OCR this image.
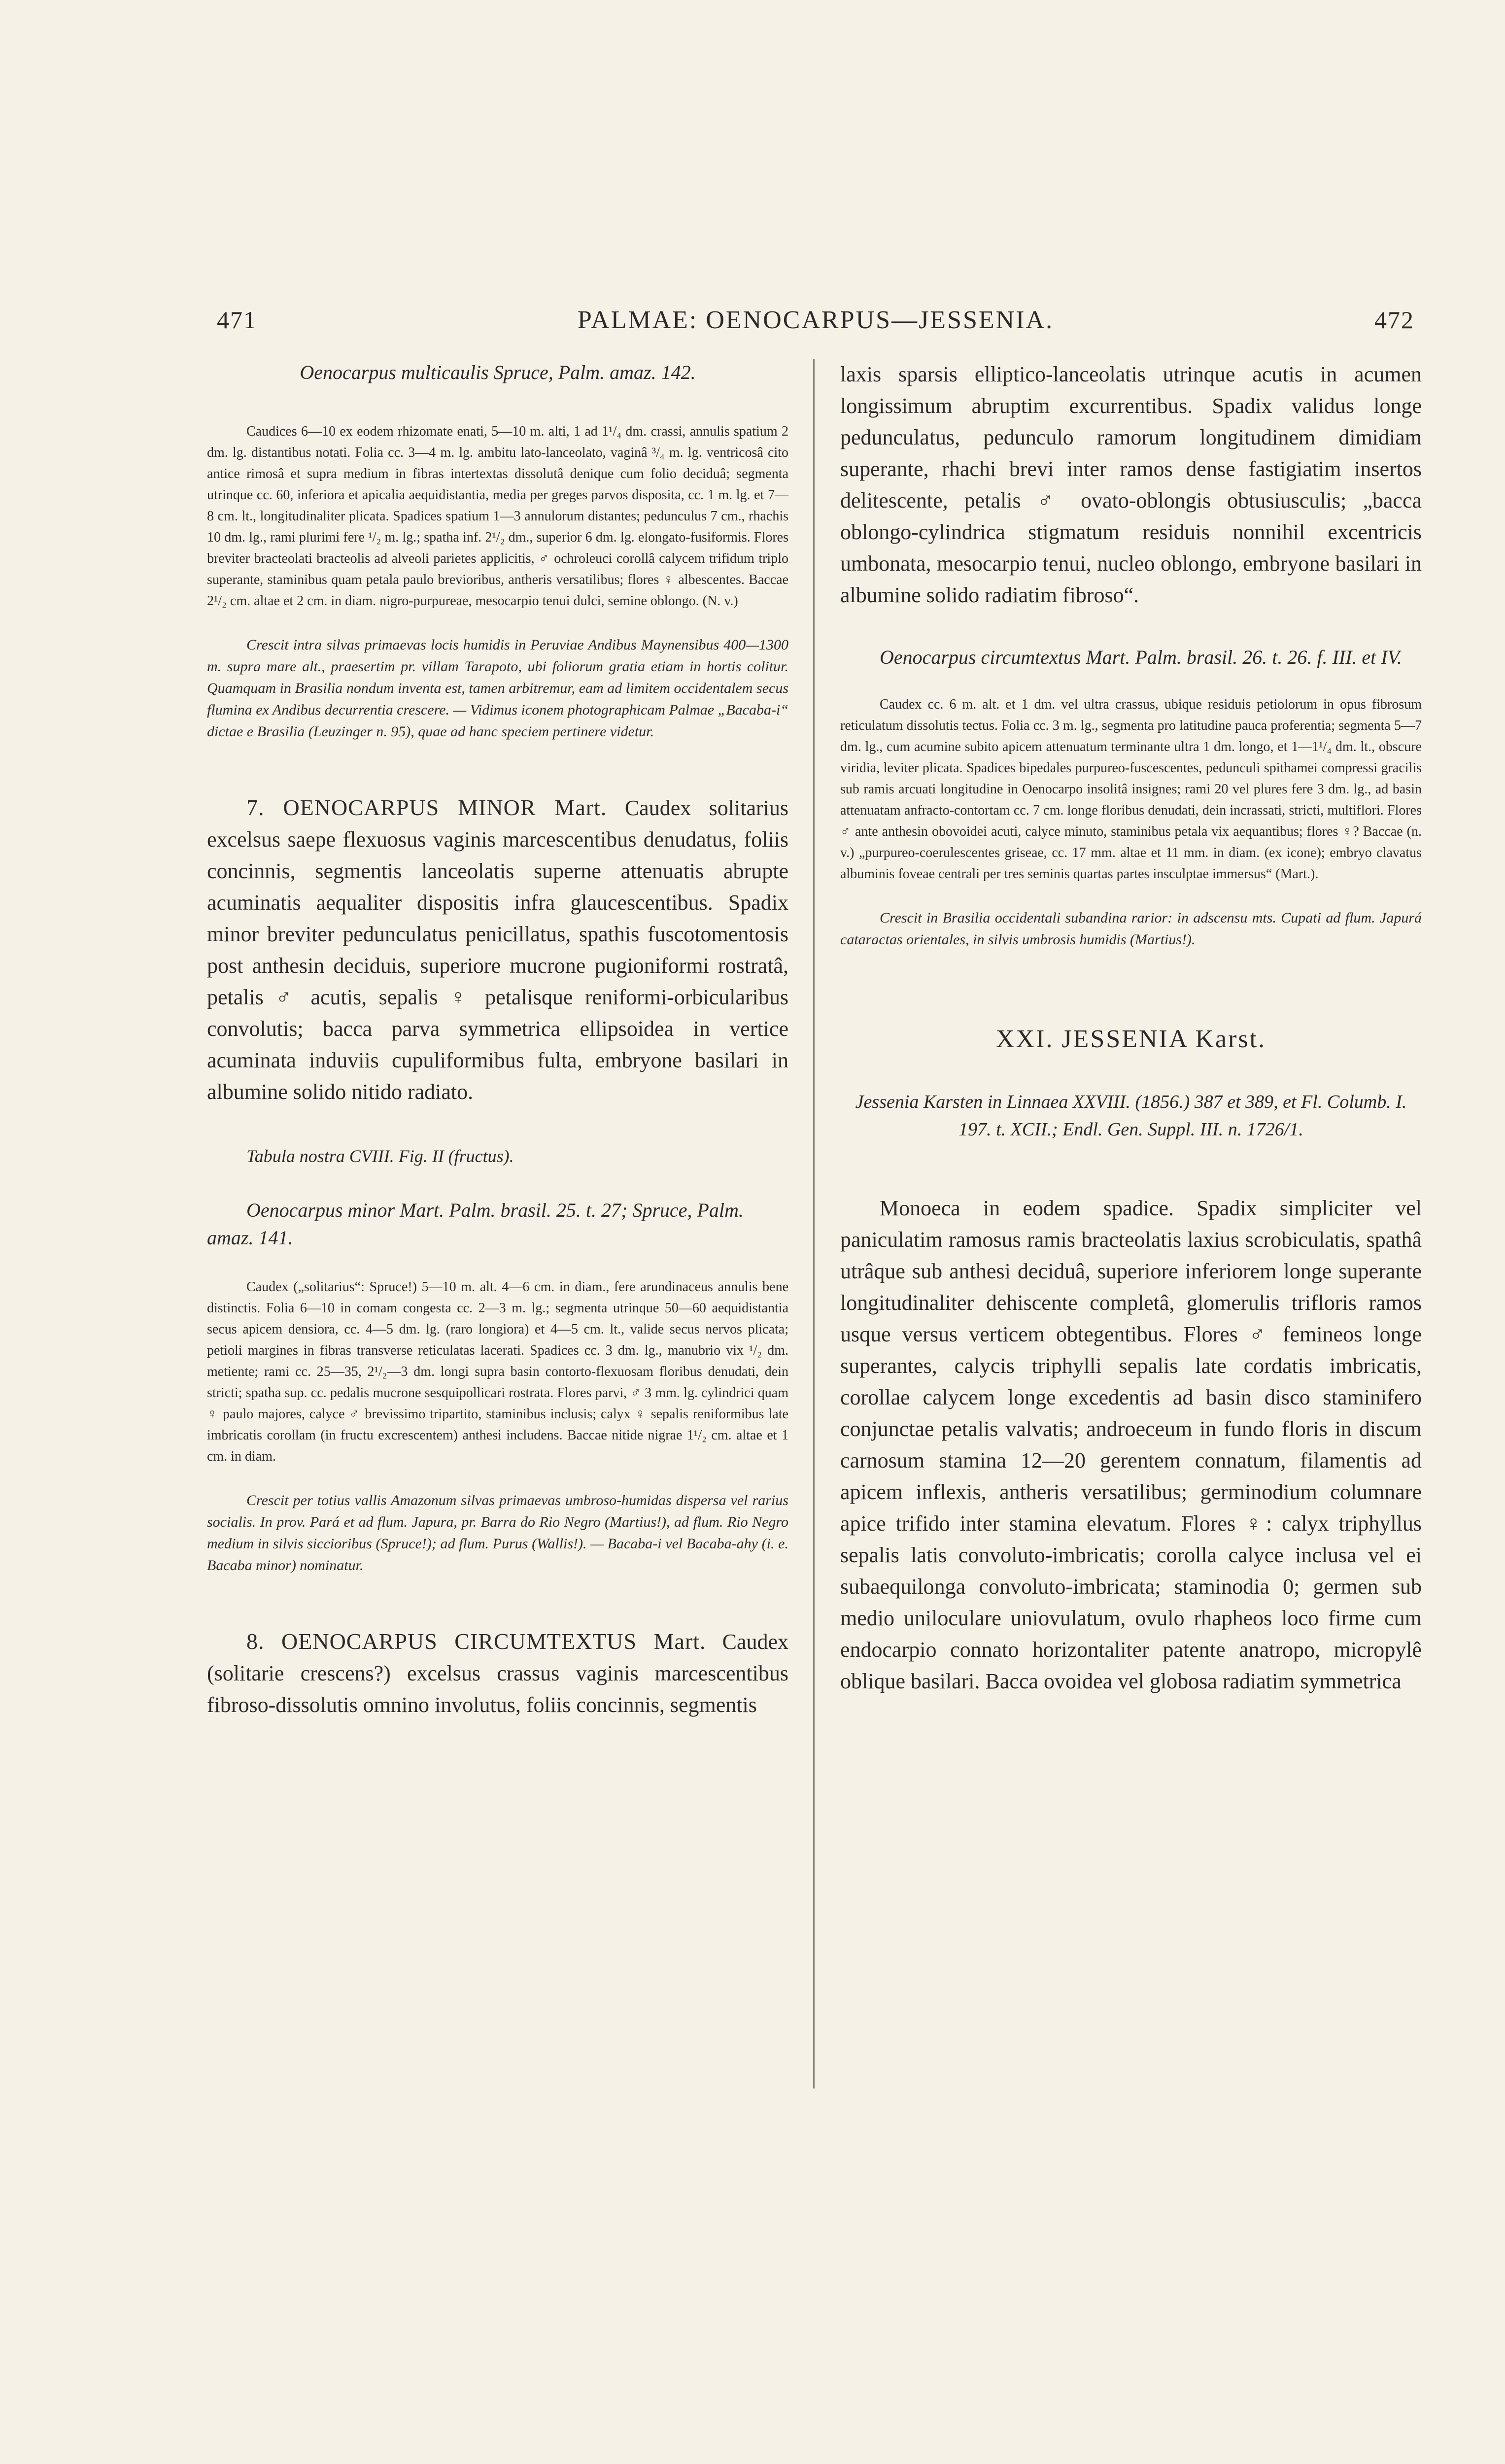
471	PALMAE: OENOCARPUS—JESSENIA.	472

Oenocarpus multicaulis Spruce, Palm. amaz. 142.

Caudices 6—10 ex eodem rhizomate enati, 5—10 m. alti, 1 ad 1¹/₄ dm. crassi, annulis spatium 2 dm. lg. distantibus notati. Folia cc. 3—4 m. lg. ambitu lato-lanceolato, vaginâ ³/₄ m. lg. ventricosâ cito antice rimosâ et supra medium in fibras intertextas dissolutâ denique cum folio deciduâ; segmenta utrinque cc. 60, inferiora et apicalia aequidistantia, media per greges parvos disposita, cc. 1 m. lg. et 7—8 cm. lt., longitudinaliter plicata. Spadices spatium 1—3 annulorum distantes; pedunculus 7 cm., rhachis 10 dm. lg., rami plurimi fere ¹/₂ m. lg.; spatha inf. 2¹/₂ dm., superior 6 dm. lg. elongato-fusiformis. Flores breviter bracteolati bracteolis ad alveoli parietes applicitis, ♂ ochroleuci corollâ calycem trifidum triplo superante, staminibus quam petala paulo brevioribus, antheris versatilibus; flores ♀ albescentes. Baccae 2¹/₂ cm. altae et 2 cm. in diam. nigro-purpureae, mesocarpio tenui dulci, semine oblongo. (N. v.)

Crescit intra silvas primaevas locis humidis in Peruviae Andibus Maynensibus 400—1300 m. supra mare alt., praesertim pr. villam Tarapoto, ubi foliorum gratia etiam in hortis colitur. Quamquam in Brasilia nondum inventa est, tamen arbitremur, eam ad limitem occidentalem secus flumina ex Andibus decurrentia crescere. — Vidimus iconem photographicam Palmae „Bacaba-i“ dictae e Brasilia (Leuzinger n. 95), quae ad hanc speciem pertinere videtur.

7. OENOCARPUS MINOR Mart. Caudex solitarius excelsus saepe flexuosus vaginis marcescentibus denudatus, foliis concinnis, segmentis lanceolatis superne attenuatis abrupte acuminatis aequaliter dispositis infra glaucescentibus. Spadix minor breviter pedunculatus penicillatus, spathis fuscotomentosis post anthesin deciduis, superiore mucrone pugioniformi rostratâ, petalis ♂ acutis, sepalis ♀ petalisque reniformi-orbicularibus convolutis; bacca parva symmetrica ellipsoidea in vertice acuminata induviis cupuliformibus fulta, embryone basilari in albumine solido nitido radiato.

Tabula nostra CVIII. Fig. II (fructus).

Oenocarpus minor Mart. Palm. brasil. 25. t. 27; Spruce, Palm. amaz. 141.

Caudex („solitarius“: Spruce!) 5—10 m. alt. 4—6 cm. in diam., fere arundinaceus annulis bene distinctis. Folia 6—10 in comam congesta cc. 2—3 m. lg.; segmenta utrinque 50—60 aequidistantia secus apicem densiora, cc. 4—5 dm. lg. (raro longiora) et 4—5 cm. lt., valide secus nervos plicata; petioli margines in fibras transverse reticulatas lacerati. Spadices cc. 3 dm. lg., manubrio vix ¹/₂ dm. metiente; rami cc. 25—35, 2¹/₂—3 dm. longi supra basin contorto-flexuosam floribus denudati, dein stricti; spatha sup. cc. pedalis mucrone sesquipollicari rostrata. Flores parvi, ♂ 3 mm. lg. cylindrici quam ♀ paulo majores, calyce ♂ brevissimo tripartito, staminibus inclusis; calyx ♀ sepalis reniformibus late imbricatis corollam (in fructu excrescentem) anthesi includens. Baccae nitide nigrae 1¹/₂ cm. altae et 1 cm. in diam.

Crescit per totius vallis Amazonum silvas primaevas umbroso-humidas dispersa vel rarius socialis. In prov. Pará et ad flum. Japura, pr. Barra do Rio Negro (Martius!), ad flum. Rio Negro medium in silvis siccioribus (Spruce!); ad flum. Purus (Wallis!). — Bacaba-i vel Bacaba-ahy (i. e. Bacaba minor) nominatur.

8. OENOCARPUS CIRCUMTEXTUS Mart. Caudex (solitarie crescens?) excelsus crassus vaginis marcescentibus fibroso-dissolutis omnino involutus, foliis concinnis, segmentis

laxis sparsis elliptico-lanceolatis utrinque acutis in acumen longissimum abruptim excurrentibus. Spadix validus longe pedunculatus, pedunculo ramorum longitudinem dimidiam superante, rhachi brevi inter ramos dense fastigiatim insertos delitescente, petalis ♂ ovato-oblongis obtusiusculis; „bacca oblongo-cylindrica stigmatum residuis nonnihil excentricis umbonata, mesocarpio tenui, nucleo oblongo, embryone basilari in albumine solido radiatim fibroso“.

Oenocarpus circumtextus Mart. Palm. brasil. 26. t. 26. f. III. et IV.

Caudex cc. 6 m. alt. et 1 dm. vel ultra crassus, ubique residuis petiolorum in opus fibrosum reticulatum dissolutis tectus. Folia cc. 3 m. lg., segmenta pro latitudine pauca proferentia; segmenta 5—7 dm. lg., cum acumine subito apicem attenuatum terminante ultra 1 dm. longo, et 1—1¹/₄ dm. lt., obscure viridia, leviter plicata. Spadices bipedales purpureo-fuscescentes, pedunculi spithamei compressi gracilis sub ramis arcuati longitudine in Oenocarpo insolitâ insignes; rami 20 vel plures fere 3 dm. lg., ad basin attenuatam anfracto-contortam cc. 7 cm. longe floribus denudati, dein incrassati, stricti, multiflori. Flores ♂ ante anthesin obovoidei acuti, calyce minuto, staminibus petala vix aequantibus; flores ♀? Baccae (n. v.) „purpureo-coerulescentes griseae, cc. 17 mm. altae et 11 mm. in diam. (ex icone); embryo clavatus albuminis foveae centrali per tres seminis quartas partes insculptae immersus“ (Mart.).

Crescit in Brasilia occidentali subandina rarior: in adscensu mts. Cupati ad flum. Japurá cataractas orientales, in silvis umbrosis humidis (Martius!).

XXI. JESSENIA Karst.

Jessenia Karsten in Linnaea XXVIII. (1856.) 387 et 389, et Fl. Columb. I. 197. t. XCII.; Endl. Gen. Suppl. III. n. 1726/1.

Monoeca in eodem spadice. Spadix simpliciter vel paniculatim ramosus ramis bracteolatis laxius scrobiculatis, spathâ utrâque sub anthesi deciduâ, superiore inferiorem longe superante longitudinaliter dehiscente completâ, glomerulis trifloris ramos usque versus verticem obtegentibus. Flores ♂ femineos longe superantes, calycis triphylli sepalis late cordatis imbricatis, corollae calycem longe excedentis ad basin disco staminifero conjunctae petalis valvatis; androeceum in fundo floris in discum carnosum stamina 12—20 gerentem connatum, filamentis ad apicem inflexis, antheris versatilibus; germinodium columnare apice trifido inter stamina elevatum. Flores ♀: calyx triphyllus sepalis latis convoluto-imbricatis; corolla calyce inclusa vel ei subaequilonga convoluto-imbricata; staminodia 0; germen sub medio uniloculare uniovulatum, ovulo rhapheos loco firme cum endocarpio connato horizontaliter patente anatropo, micropylê oblique basilari. Bacca ovoidea vel globosa radiatim symmetrica
